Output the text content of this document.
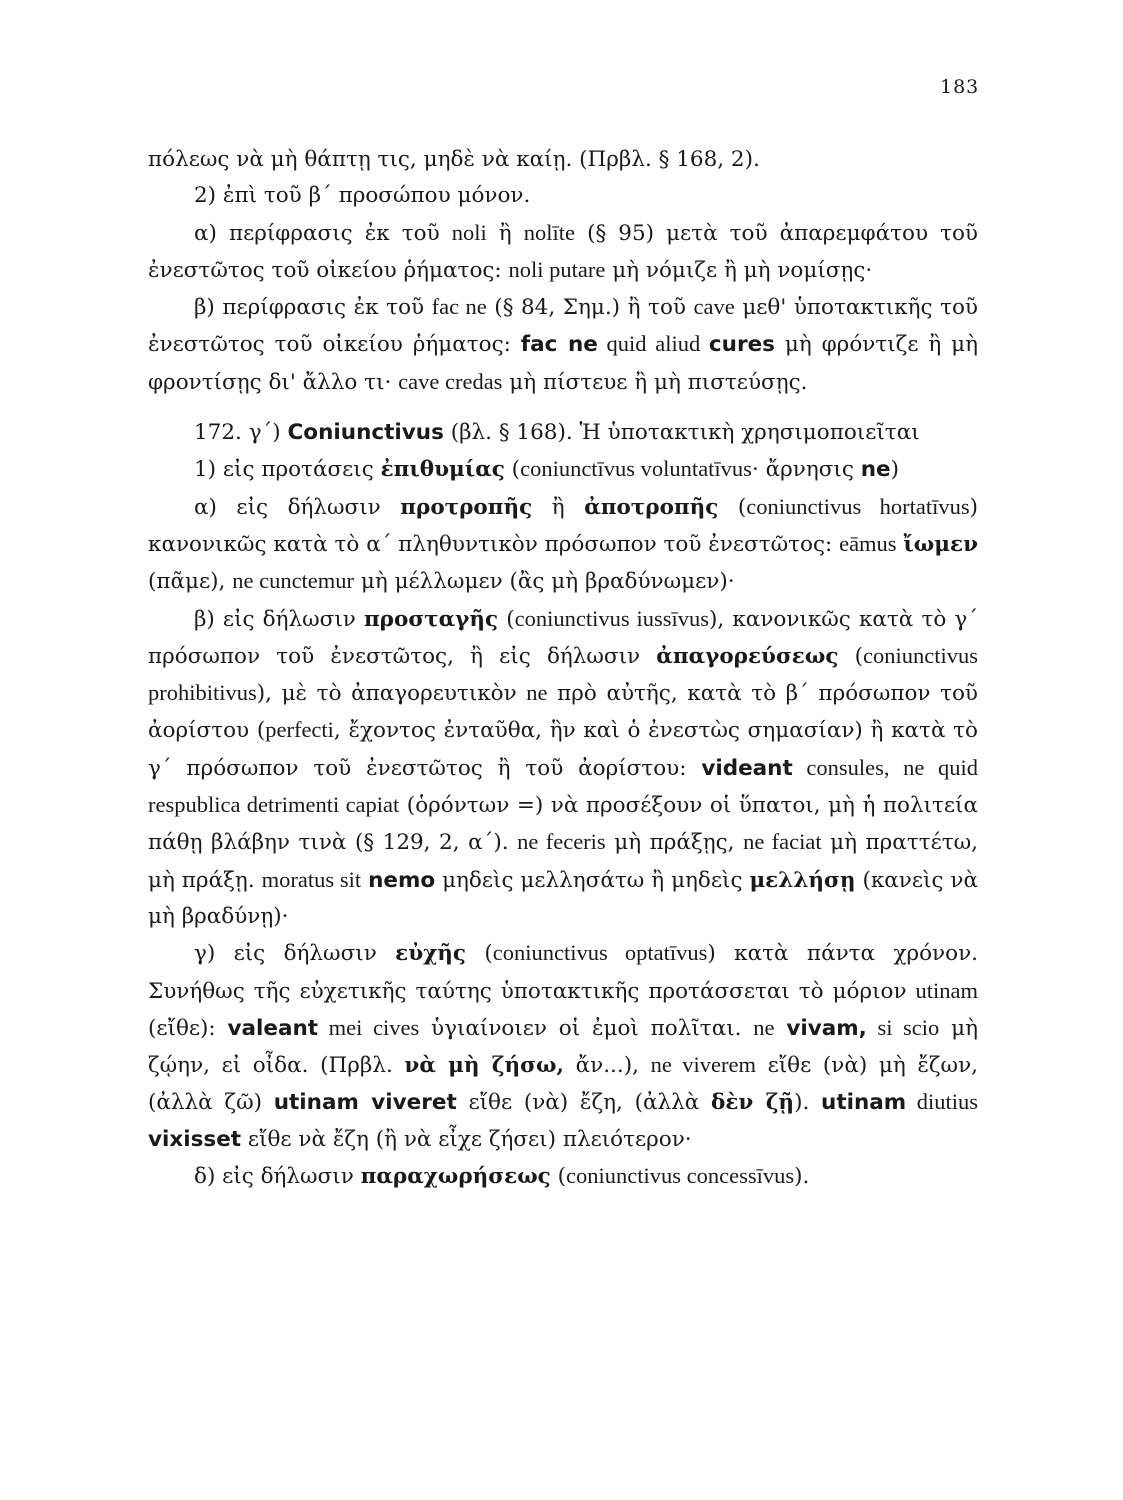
183

πόλεως νὰ μὴ θάπτῃ τις, μηδὲ νὰ καίῃ. (Πρβλ. § 168, 2).

2) ἐπὶ τοῦ β΄ προσώπου μόνον.

α) περίφρασις ἐκ τοῦ noli ἢ nolīte (§ 95) μετὰ τοῦ ἀπαρεμφάτου τοῦ ἐνεστῶτος τοῦ οἰκείου ῥήματος: noli putare μὴ νόμιζε ἢ μὴ νομίσῃς·

β) περίφρασις ἐκ τοῦ fac ne (§ 84, Σημ.) ἢ τοῦ cave μεθ' ὑποτακτικῆς τοῦ ἐνεστῶτος τοῦ οἰκείου ῥήματος: fac ne quid aliud cures μὴ φρόντιζε ἢ μὴ φροντίσῃς δι' ἄλλο τι· cave credas μὴ πίστευε ἢ μὴ πιστεύσῃς.

172. γ΄) Coniunctivus (βλ. § 168). Ἡ ὑποτακτικὴ χρησιμοποιεῖται

1) εἰς προτάσεις ἐπιθυμίας (coniunctīvus voluntatīvus· ἄρνησις ne)

α) εἰς δήλωσιν προτροπῆς ἢ ἀποτροπῆς (coniunctivus hortatīvus) κανονικῶς κατὰ τὸ α΄ πληθυντικὸν πρόσωπον τοῦ ἐνεστῶτος: eāmus ἴωμεν (πᾶμε), ne cunctemur μὴ μέλλωμεν (ἂς μὴ βραδύνωμεν)·

β) εἰς δήλωσιν προσταγῆς (coniunctivus iussīvus), κανονικῶς κατὰ τὸ γ΄ πρόσωπον τοῦ ἐνεστῶτος, ἢ εἰς δήλωσιν ἀπαγορεύσεως (coniunctivus prohibitivus), μὲ τὸ ἀπαγορευτικὸν ne πρὸ αὐτῆς, κατὰ τὸ β΄ πρόσωπον τοῦ ἀορίστου (perfecti, ἔχοντος ἐνταῦθα, ἣν καὶ ὁ ἐνεστὼς σημασίαν) ἢ κατὰ τὸ γ΄ πρόσωπον τοῦ ἐνεστῶτος ἢ τοῦ ἀορίστου: videant consules, ne quid respublica detrimenti capiat (ὁρόντων =) νὰ προσέξουν οἱ ὕπατοι, μὴ ἡ πολιτεία πάθῃ βλάβην τινὰ (§ 129, 2, α΄). ne feceris μὴ πράξῃς, ne faciat μὴ πραττέτω, μὴ πράξῃ. moratus sit nemo μηδεὶς μελλησάτω ἢ μηδεὶς μελλήσῃ (κανεὶς νὰ μὴ βραδύνῃ)·

γ) εἰς δήλωσιν εὐχῆς (coniunctivus optatīvus) κατὰ πάντα χρόνον. Συνήθως τῆς εὐχετικῆς ταύτης ὑποτακτικῆς προτάσσεται τὸ μόριον utinam (εἴθε): valeant mei cives ὑγιαίνοιεν οἱ ἐμοὶ πολῖται. ne vivam, si scio μὴ ζῴην, εἰ οἶδα. (Πρβλ. νὰ μὴ ζήσω, ἄν...), ne viverem εἴθε (νὰ) μὴ ἔζων, (ἀλλὰ ζῶ) utinam viveret εἴθε (νὰ) ἔζη, (ἀλλὰ δὲν ζῇ). utinam diutius vixisset εἴθε νὰ ἔζη (ἢ νὰ εἶχε ζήσει) πλειότερον·

δ) εἰς δήλωσιν παραχωρήσεως (coniunctivus concessīvus).
